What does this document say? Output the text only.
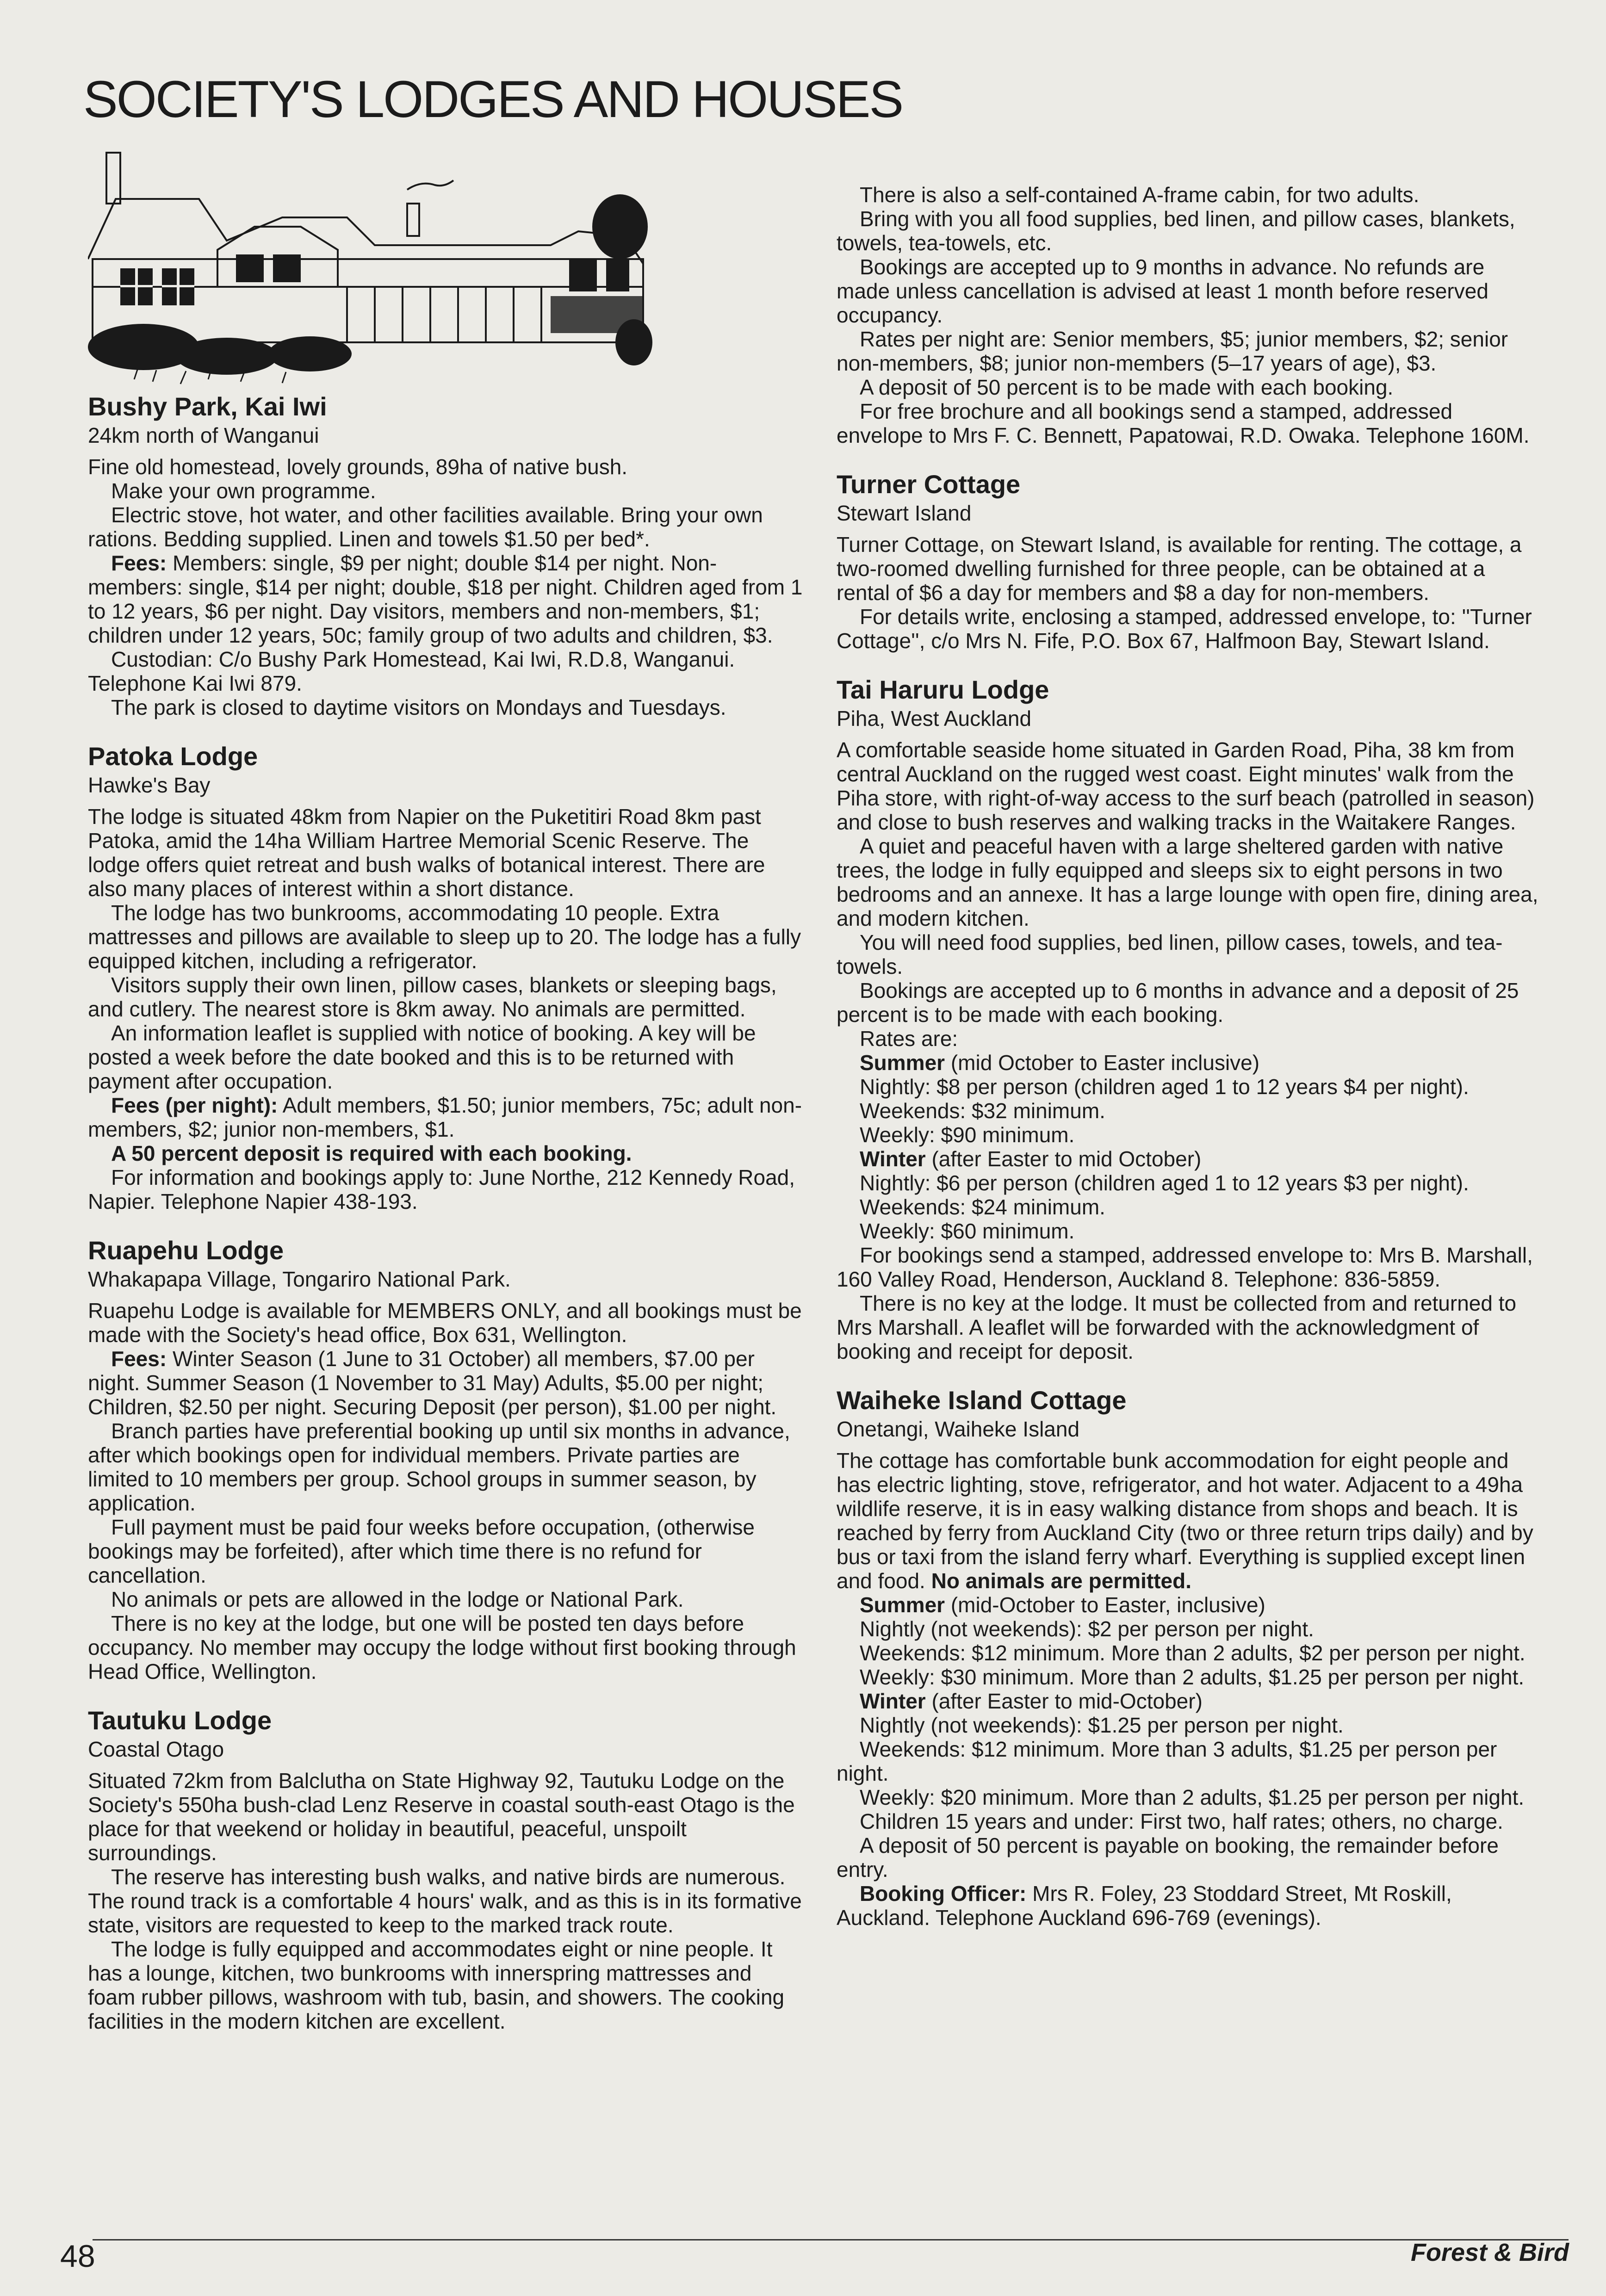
SOCIETY'S LODGES AND HOUSES
Bushy Park, Kai Iwi

24km north of Wanganui

Fine old homestead, lovely grounds, 89ha of native bush.

Make your own programme.

Electric stove, hot water, and other facilities available. Bring your own rations. Bedding supplied. Linen and towels $1.50 per bed*.

Fees: Members: single, $9 per night; double $14 per night. Non-members: single, $14 per night; double, $18 per night. Children aged from 1 to 12 years, $6 per night. Day visitors, members and non-members, $1; children under 12 years, 50c; family group of two adults and children, $3.

Custodian: C/o Bushy Park Homestead, Kai Iwi, R.D.8, Wanganui. Telephone Kai Iwi 879.

The park is closed to daytime visitors on Mondays and Tuesdays.

Patoka Lodge

Hawke's Bay

The lodge is situated 48km from Napier on the Puketitiri Road 8km past Patoka, amid the 14ha William Hartree Memorial Scenic Reserve. The lodge offers quiet retreat and bush walks of botanical interest. There are also many places of interest within a short distance.

The lodge has two bunkrooms, accommodating 10 people. Extra mattresses and pillows are available to sleep up to 20. The lodge has a fully equipped kitchen, including a refrigerator.

Visitors supply their own linen, pillow cases, blankets or sleeping bags, and cutlery. The nearest store is 8km away. No animals are permitted.

An information leaflet is supplied with notice of booking. A key will be posted a week before the date booked and this is to be returned with payment after occupation.

Fees (per night): Adult members, $1.50; junior members, 75c; adult non-members, $2; junior non-members, $1.

A 50 percent deposit is required with each booking.

For information and bookings apply to: June Northe, 212 Kennedy Road, Napier. Telephone Napier 438-193.

Ruapehu Lodge

Whakapapa Village, Tongariro National Park.

Ruapehu Lodge is available for MEMBERS ONLY, and all bookings must be made with the Society's head office, Box 631, Wellington.

Fees: Winter Season (1 June to 31 October) all members, $7.00 per night. Summer Season (1 November to 31 May) Adults, $5.00 per night; Children, $2.50 per night. Securing Deposit (per person), $1.00 per night.

Branch parties have preferential booking up until six months in advance, after which bookings open for individual members. Private parties are limited to 10 members per group. School groups in summer season, by application.

Full payment must be paid four weeks before occupation, (otherwise bookings may be forfeited), after which time there is no refund for cancellation.

No animals or pets are allowed in the lodge or National Park.

There is no key at the lodge, but one will be posted ten days before occupancy. No member may occupy the lodge without first booking through Head Office, Wellington.

Tautuku Lodge

Coastal Otago

Situated 72km from Balclutha on State Highway 92, Tautuku Lodge on the Society's 550ha bush-clad Lenz Reserve in coastal south-east Otago is the place for that weekend or holiday in beautiful, peaceful, unspoilt surroundings.

The reserve has interesting bush walks, and native birds are numerous. The round track is a comfortable 4 hours' walk, and as this is in its formative state, visitors are requested to keep to the marked track route.

The lodge is fully equipped and accommodates eight or nine people. It has a lounge, kitchen, two bunkrooms with innerspring mattresses and foam rubber pillows, washroom with tub, basin, and showers. The cooking facilities in the modern kitchen are excellent.

There is also a self-contained A-frame cabin, for two adults.

Bring with you all food supplies, bed linen, and pillow cases, blankets, towels, tea-towels, etc.

Bookings are accepted up to 9 months in advance. No refunds are made unless cancellation is advised at least 1 month before reserved occupancy.

Rates per night are: Senior members, $5; junior members, $2; senior non-members, $8; junior non-members (5–17 years of age), $3.

A deposit of 50 percent is to be made with each booking.

For free brochure and all bookings send a stamped, addressed envelope to Mrs F. C. Bennett, Papatowai, R.D. Owaka. Telephone 160M.

Turner Cottage

Stewart Island

Turner Cottage, on Stewart Island, is available for renting. The cottage, a two-roomed dwelling furnished for three people, can be obtained at a rental of $6 a day for members and $8 a day for non-members.

For details write, enclosing a stamped, addressed envelope, to: ''Turner Cottage'', c/o Mrs N. Fife, P.O. Box 67, Halfmoon Bay, Stewart Island.

Tai Haruru Lodge

Piha, West Auckland

A comfortable seaside home situated in Garden Road, Piha, 38 km from central Auckland on the rugged west coast. Eight minutes' walk from the Piha store, with right-of-way access to the surf beach (patrolled in season) and close to bush reserves and walking tracks in the Waitakere Ranges.

A quiet and peaceful haven with a large sheltered garden with native trees, the lodge in fully equipped and sleeps six to eight persons in two bedrooms and an annexe. It has a large lounge with open fire, dining area, and modern kitchen.

You will need food supplies, bed linen, pillow cases, towels, and tea-towels.

Bookings are accepted up to 6 months in advance and a deposit of 25 percent is to be made with each booking.

Rates are:

Summer (mid October to Easter inclusive)

Nightly: $8 per person (children aged 1 to 12 years $4 per night).

Weekends: $32 minimum.

Weekly: $90 minimum.

Winter (after Easter to mid October)

Nightly: $6 per person (children aged 1 to 12 years $3 per night).

Weekends: $24 minimum.

Weekly: $60 minimum.

For bookings send a stamped, addressed envelope to: Mrs B. Marshall, 160 Valley Road, Henderson, Auckland 8. Telephone: 836-5859.

There is no key at the lodge. It must be collected from and returned to Mrs Marshall. A leaflet will be forwarded with the acknowledgment of booking and receipt for deposit.

Waiheke Island Cottage

Onetangi, Waiheke Island

The cottage has comfortable bunk accommodation for eight people and has electric lighting, stove, refrigerator, and hot water. Adjacent to a 49ha wildlife reserve, it is in easy walking distance from shops and beach. It is reached by ferry from Auckland City (two or three return trips daily) and by bus or taxi from the island ferry wharf. Everything is supplied except linen and food. No animals are permitted.

Summer (mid-October to Easter, inclusive)

Nightly (not weekends): $2 per person per night.

Weekends: $12 minimum. More than 2 adults, $2 per person per night.

Weekly: $30 minimum. More than 2 adults, $1.25 per person per night.

Winter (after Easter to mid-October)

Nightly (not weekends): $1.25 per person per night.

Weekends: $12 minimum. More than 3 adults, $1.25 per person per night.

Weekly: $20 minimum. More than 2 adults, $1.25 per person per night.

Children 15 years and under: First two, half rates; others, no charge.

A deposit of 50 percent is payable on booking, the remainder before entry.

Booking Officer: Mrs R. Foley, 23 Stoddard Street, Mt Roskill, Auckland. Telephone Auckland 696-769 (evenings).

48	Forest & Bird
